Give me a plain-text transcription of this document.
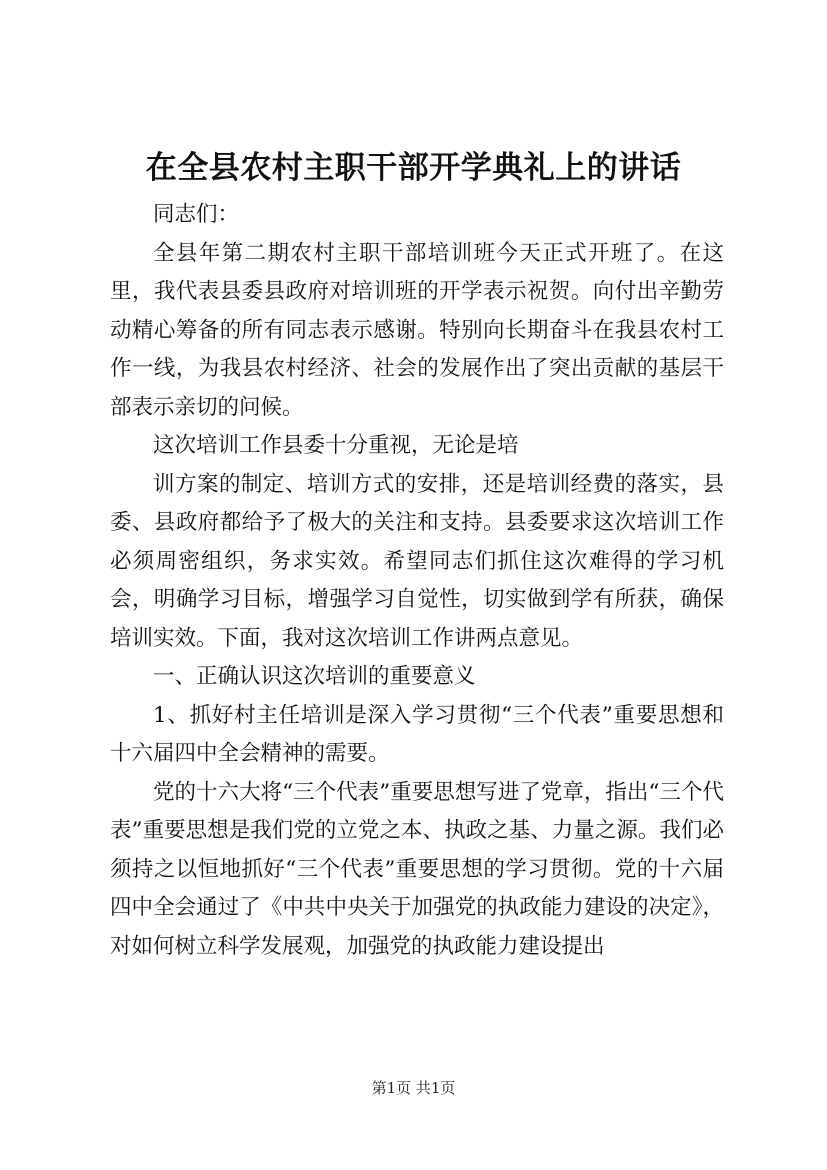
在全县农村主职干部开学典礼上的讲话

同志们：

全县年第二期农村主职干部培训班今天正式开班了。在这里，我代表县委县政府对培训班的开学表示祝贺。向付出辛勤劳动精心筹备的所有同志表示感谢。特别向长期奋斗在我县农村工作一线，为我县农村经济、社会的发展作出了突出贡献的基层干部表示亲切的问候。

这次培训工作县委十分重视，无论是培

训方案的制定、培训方式的安排，还是培训经费的落实，县委、县政府都给予了极大的关注和支持。县委要求这次培训工作必须周密组织，务求实效。希望同志们抓住这次难得的学习机会，明确学习目标，增强学习自觉性，切实做到学有所获，确保培训实效。下面，我对这次培训工作讲两点意见。

一、正确认识这次培训的重要意义

1、抓好村主任培训是深入学习贯彻“三个代表”重要思想和十六届四中全会精神的需要。

党的十六大将“三个代表”重要思想写进了党章，指出“三个代表”重要思想是我们党的立党之本、执政之基、力量之源。我们必须持之以恒地抓好“三个代表”重要思想的学习贯彻。党的十六届四中全会通过了《中共中央关于加强党的执政能力建设的决定》，对如何树立科学发展观，加强党的执政能力建设提出

第1页 共1页
